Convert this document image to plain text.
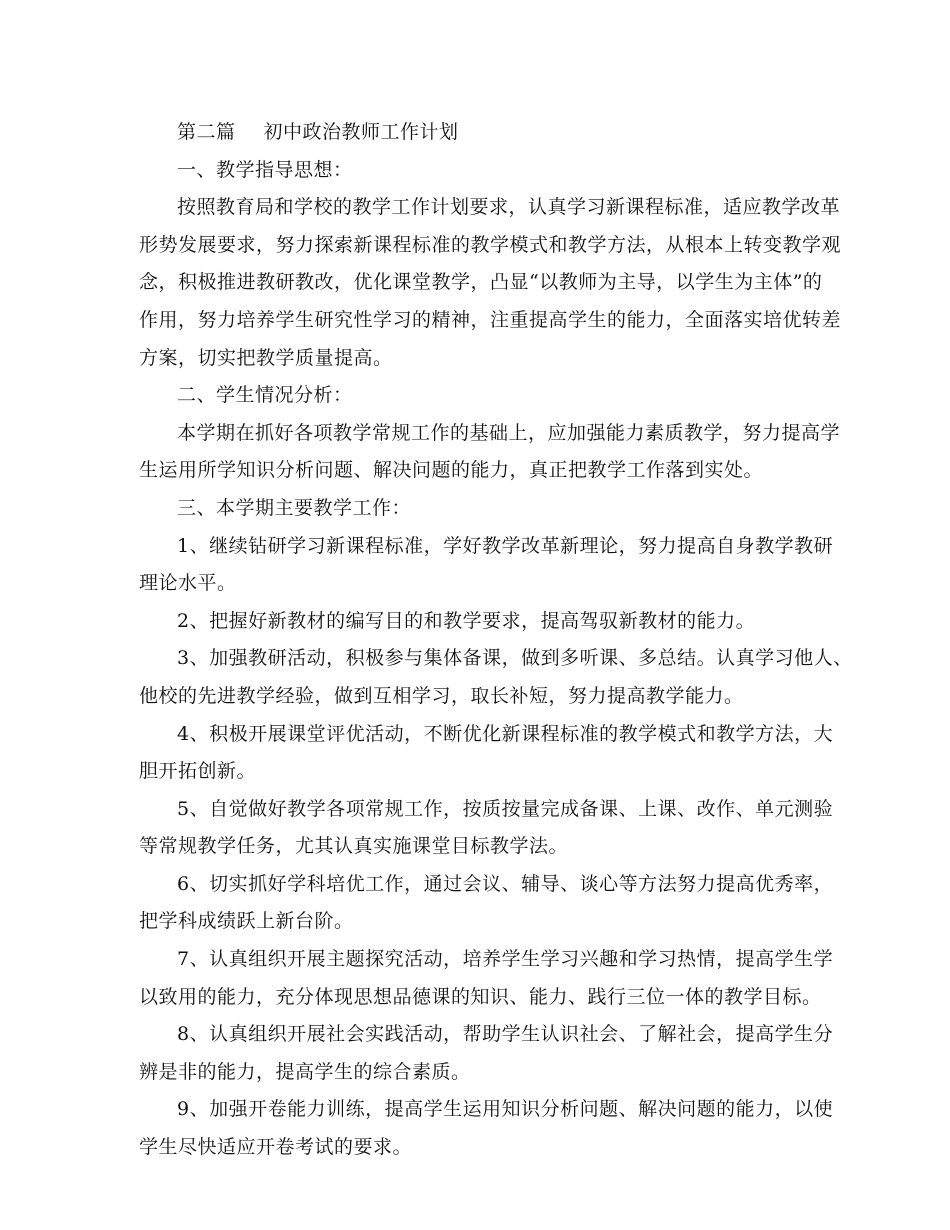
第二篇 初中政治教师工作计划
一、教学指导思想：
按照教育局和学校的教学工作计划要求，认真学习新课程标准，适应教学改革
形势发展要求，努力探索新课程标准的教学模式和教学方法，从根本上转变教学观
念，积极推进教研教改，优化课堂教学，凸显“以教师为主导，以学生为主体”的
作用，努力培养学生研究性学习的精神，注重提高学生的能力，全面落实培优转差
方案，切实把教学质量提高。
二、学生情况分析：
本学期在抓好各项教学常规工作的基础上，应加强能力素质教学，努力提高学
生运用所学知识分析问题、解决问题的能力，真正把教学工作落到实处。
三、本学期主要教学工作：
1、继续钻研学习新课程标准，学好教学改革新理论，努力提高自身教学教研
理论水平。
2、把握好新教材的编写目的和教学要求，提高驾驭新教材的能力。
3、加强教研活动，积极参与集体备课，做到多听课、多总结。认真学习他人、
他校的先进教学经验，做到互相学习，取长补短，努力提高教学能力。
4、积极开展课堂评优活动，不断优化新课程标准的教学模式和教学方法，大
胆开拓创新。
5、自觉做好教学各项常规工作，按质按量完成备课、上课、改作、单元测验
等常规教学任务，尤其认真实施课堂目标教学法。
6、切实抓好学科培优工作，通过会议、辅导、谈心等方法努力提高优秀率，
把学科成绩跃上新台阶。
7、认真组织开展主题探究活动，培养学生学习兴趣和学习热情，提高学生学
以致用的能力，充分体现思想品德课的知识、能力、践行三位一体的教学目标。
8、认真组织开展社会实践活动，帮助学生认识社会、了解社会，提高学生分
辨是非的能力，提高学生的综合素质。
9、加强开卷能力训练，提高学生运用知识分析问题、解决问题的能力，以使
学生尽快适应开卷考试的要求。
